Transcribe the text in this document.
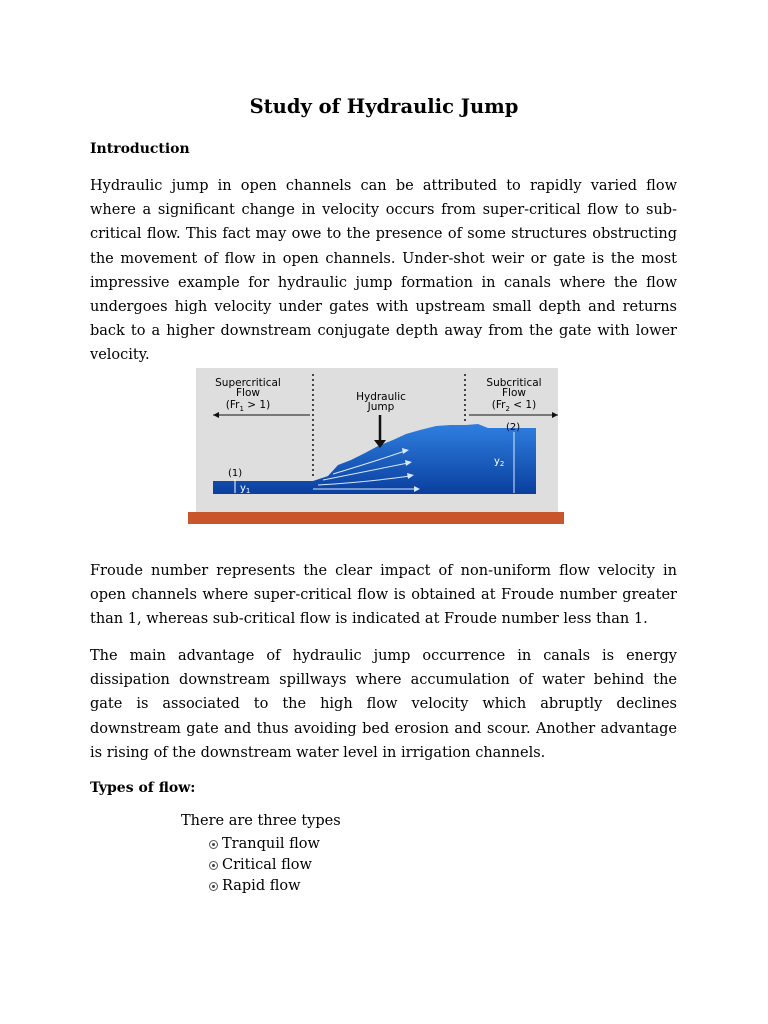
Study of Hydraulic Jump
Introduction
Hydraulic jump in open channels can be attributed to rapidly varied flow where a significant change in velocity occurs from super-critical flow to sub-critical flow. This fact may owe to the presence of some structures obstructing the movement of flow in open channels. Under-shot weir or gate is the most impressive example for hydraulic jump formation in canals where the flow undergoes high velocity under gates with upstream small depth and returns back to a higher downstream conjugate depth away from the gate with lower velocity.
Supercritical
Flow
$(Fr_1 > 1)$
Hydraulic
Jump
Subcritical
Flow
$(Fr_2 < 1)$
(1)
(2)
$y_1$
$y_2$
Froude number represents the clear impact of non-uniform flow velocity in open channels where super-critical flow is obtained at Froude number greater than 1, whereas sub-critical flow is indicated at Froude number less than 1.
The main advantage of hydraulic jump occurrence in canals is energy dissipation downstream spillways where accumulation of water behind the gate is associated to the high flow velocity which abruptly declines downstream gate and thus avoiding bed erosion and scour. Another advantage is rising of the downstream water level in irrigation channels.
Types of flow:
There are three types
Tranquil flow
Critical flow
Rapid flow
